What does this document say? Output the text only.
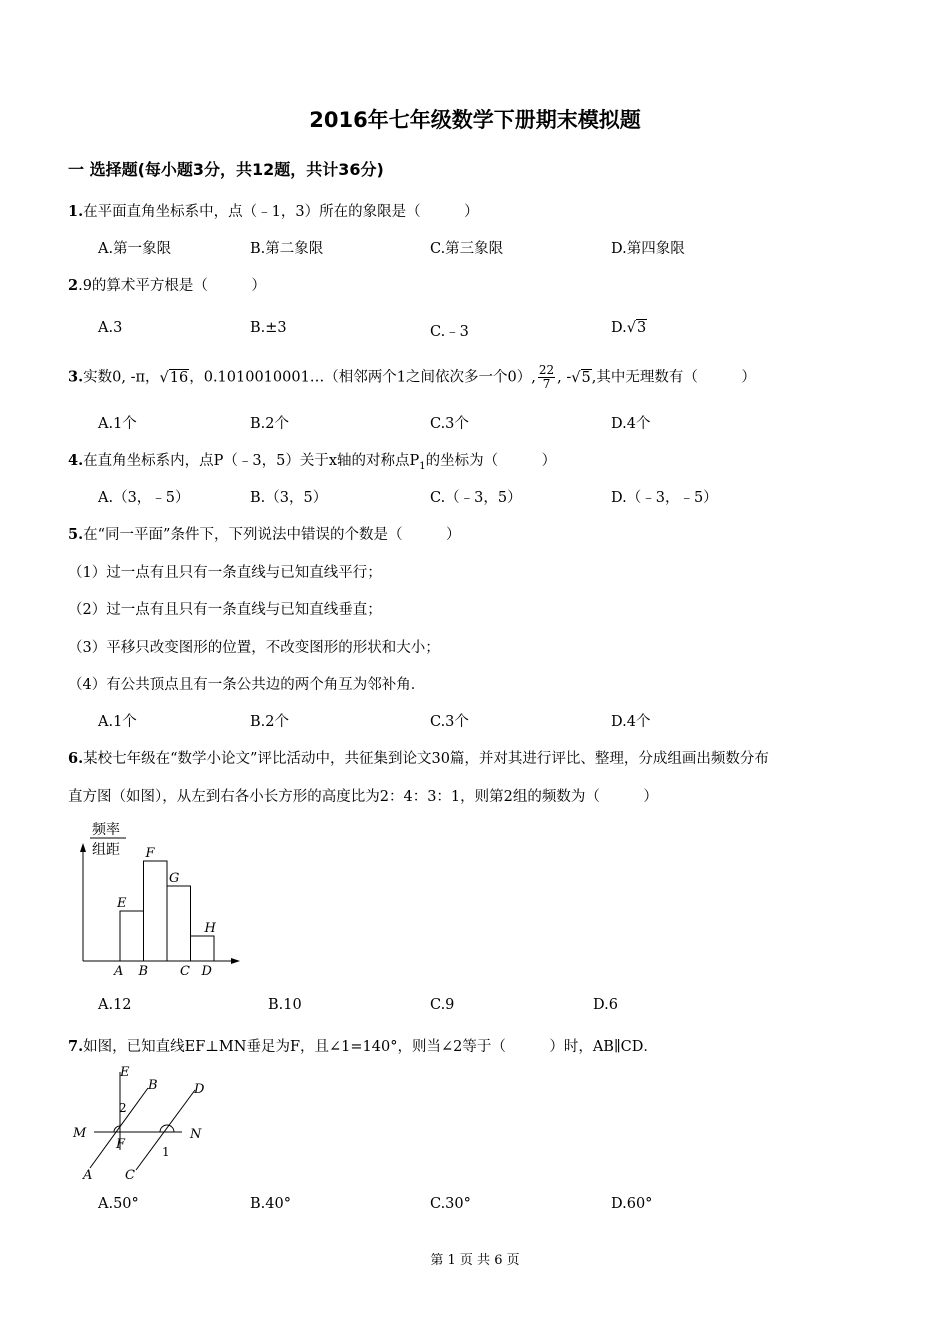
2016年七年级数学下册期末模拟题
一 选择题(每小题3分，共12题，共计36分)
1.在平面直角坐标系中，点（﹣1，3）所在的象限是（　　　）
A.第一象限	B.第二象限	C.第三象限	D.第四象限
2.9的算术平方根是（　　　）
A.3	B.±3	C.﹣3	D.√3
3.实数0, -π，√16，0.1010010001…（相邻两个1之间依次多一个0）, $\frac{22}{7}$ , -√5,其中无理数有（　　　）
A.1个	B.2个	C.3个	D.4个
4.在直角坐标系内，点P（﹣3，5）关于x轴的对称点$P_1$的坐标为（　　　）
A.（3，﹣5）	B.（3，5）	C.（﹣3，5）	D.（﹣3，﹣5）
5.在“同一平面”条件下，下列说法中错误的个数是（　　　）
（1）过一点有且只有一条直线与已知直线平行；
（2）过一点有且只有一条直线与已知直线垂直；
（3）平移只改变图形的位置，不改变图形的形状和大小；
（4）有公共顶点且有一条公共边的两个角互为邻补角．
A.1个	B.2个	C.3个	D.4个
6.某校七年级在“数学小论文”评比活动中，共征集到论文30篇，并对其进行评比、整理，分成组画出频数分布
直方图（如图），从左到右各小长方形的高度比为2：4：3：1，则第2组的频数为（　　　）
频率
组距
E
F
G
H
A B C D
A.12	B.10	C.9	D.6
7.如图，已知直线EF⊥MN垂足为F，且∠1=140°，则当∠2等于（　　　）时，AB∥CD．
E
B	D
M
F
N
A	C
2
1
A.50°	B.40°	C.30°	D.60°
第 1 页 共 6 页
